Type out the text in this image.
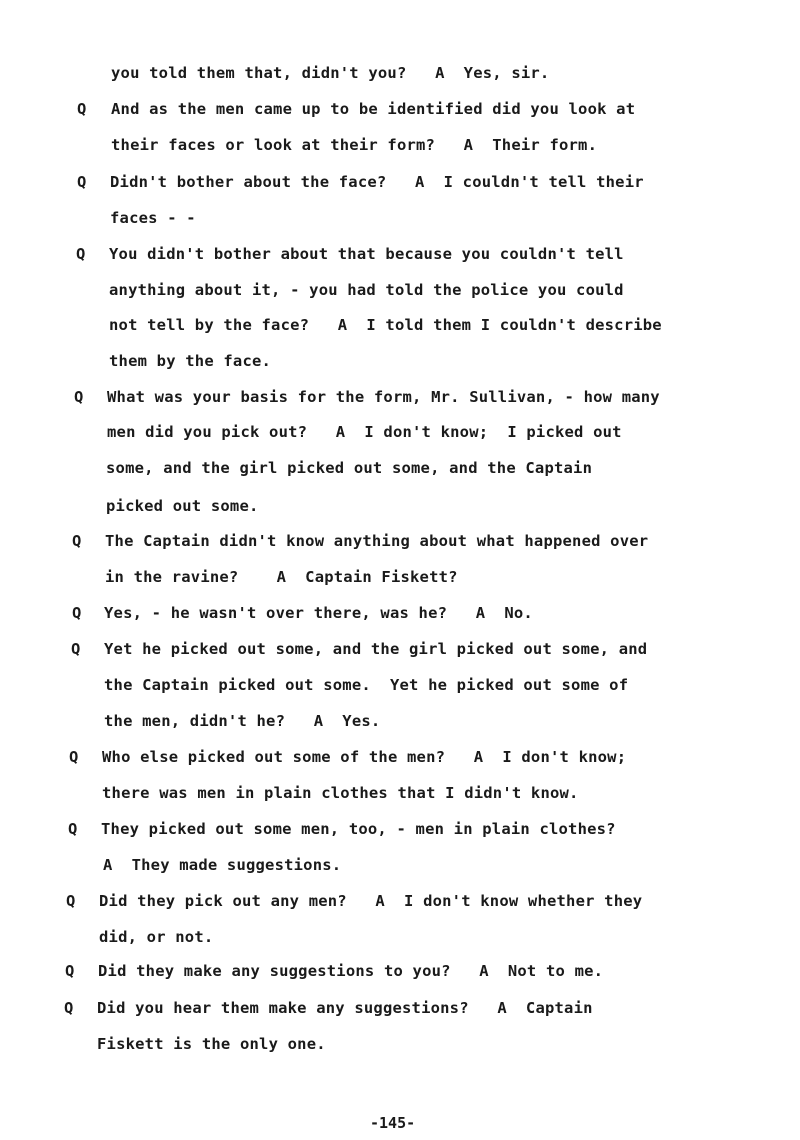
you told them that, didn't you?   A  Yes, sir.
Q And as the men came up to be identified did you look at
their faces or look at their form?   A  Their form.
Q Didn't bother about the face?   A  I couldn't tell their
faces - -
Q You didn't bother about that because you couldn't tell
anything about it, - you had told the police you could
not tell by the face?   A  I told them I couldn't describe
them by the face.
Q What was your basis for the form, Mr. Sullivan, - how many
men did you pick out?   A  I don't know;  I picked out
some, and the girl picked out some, and the Captain
picked out some.
Q The Captain didn't know anything about what happened over
in the ravine?    A  Captain Fiskett?
Q Yes, - he wasn't over there, was he?   A  No.
Q Yet he picked out some, and the girl picked out some, and
the Captain picked out some.  Yet he picked out some of
the men, didn't he?   A  Yes.
Q Who else picked out some of the men?   A  I don't know;
there was men in plain clothes that I didn't know.
Q They picked out some men, too, - men in plain clothes?
A  They made suggestions.
Q Did they pick out any men?   A  I don't know whether they
did, or not.
Q Did they make any suggestions to you?   A  Not to me.
Q Did you hear them make any suggestions?   A  Captain
Fiskett is the only one.
-145-
